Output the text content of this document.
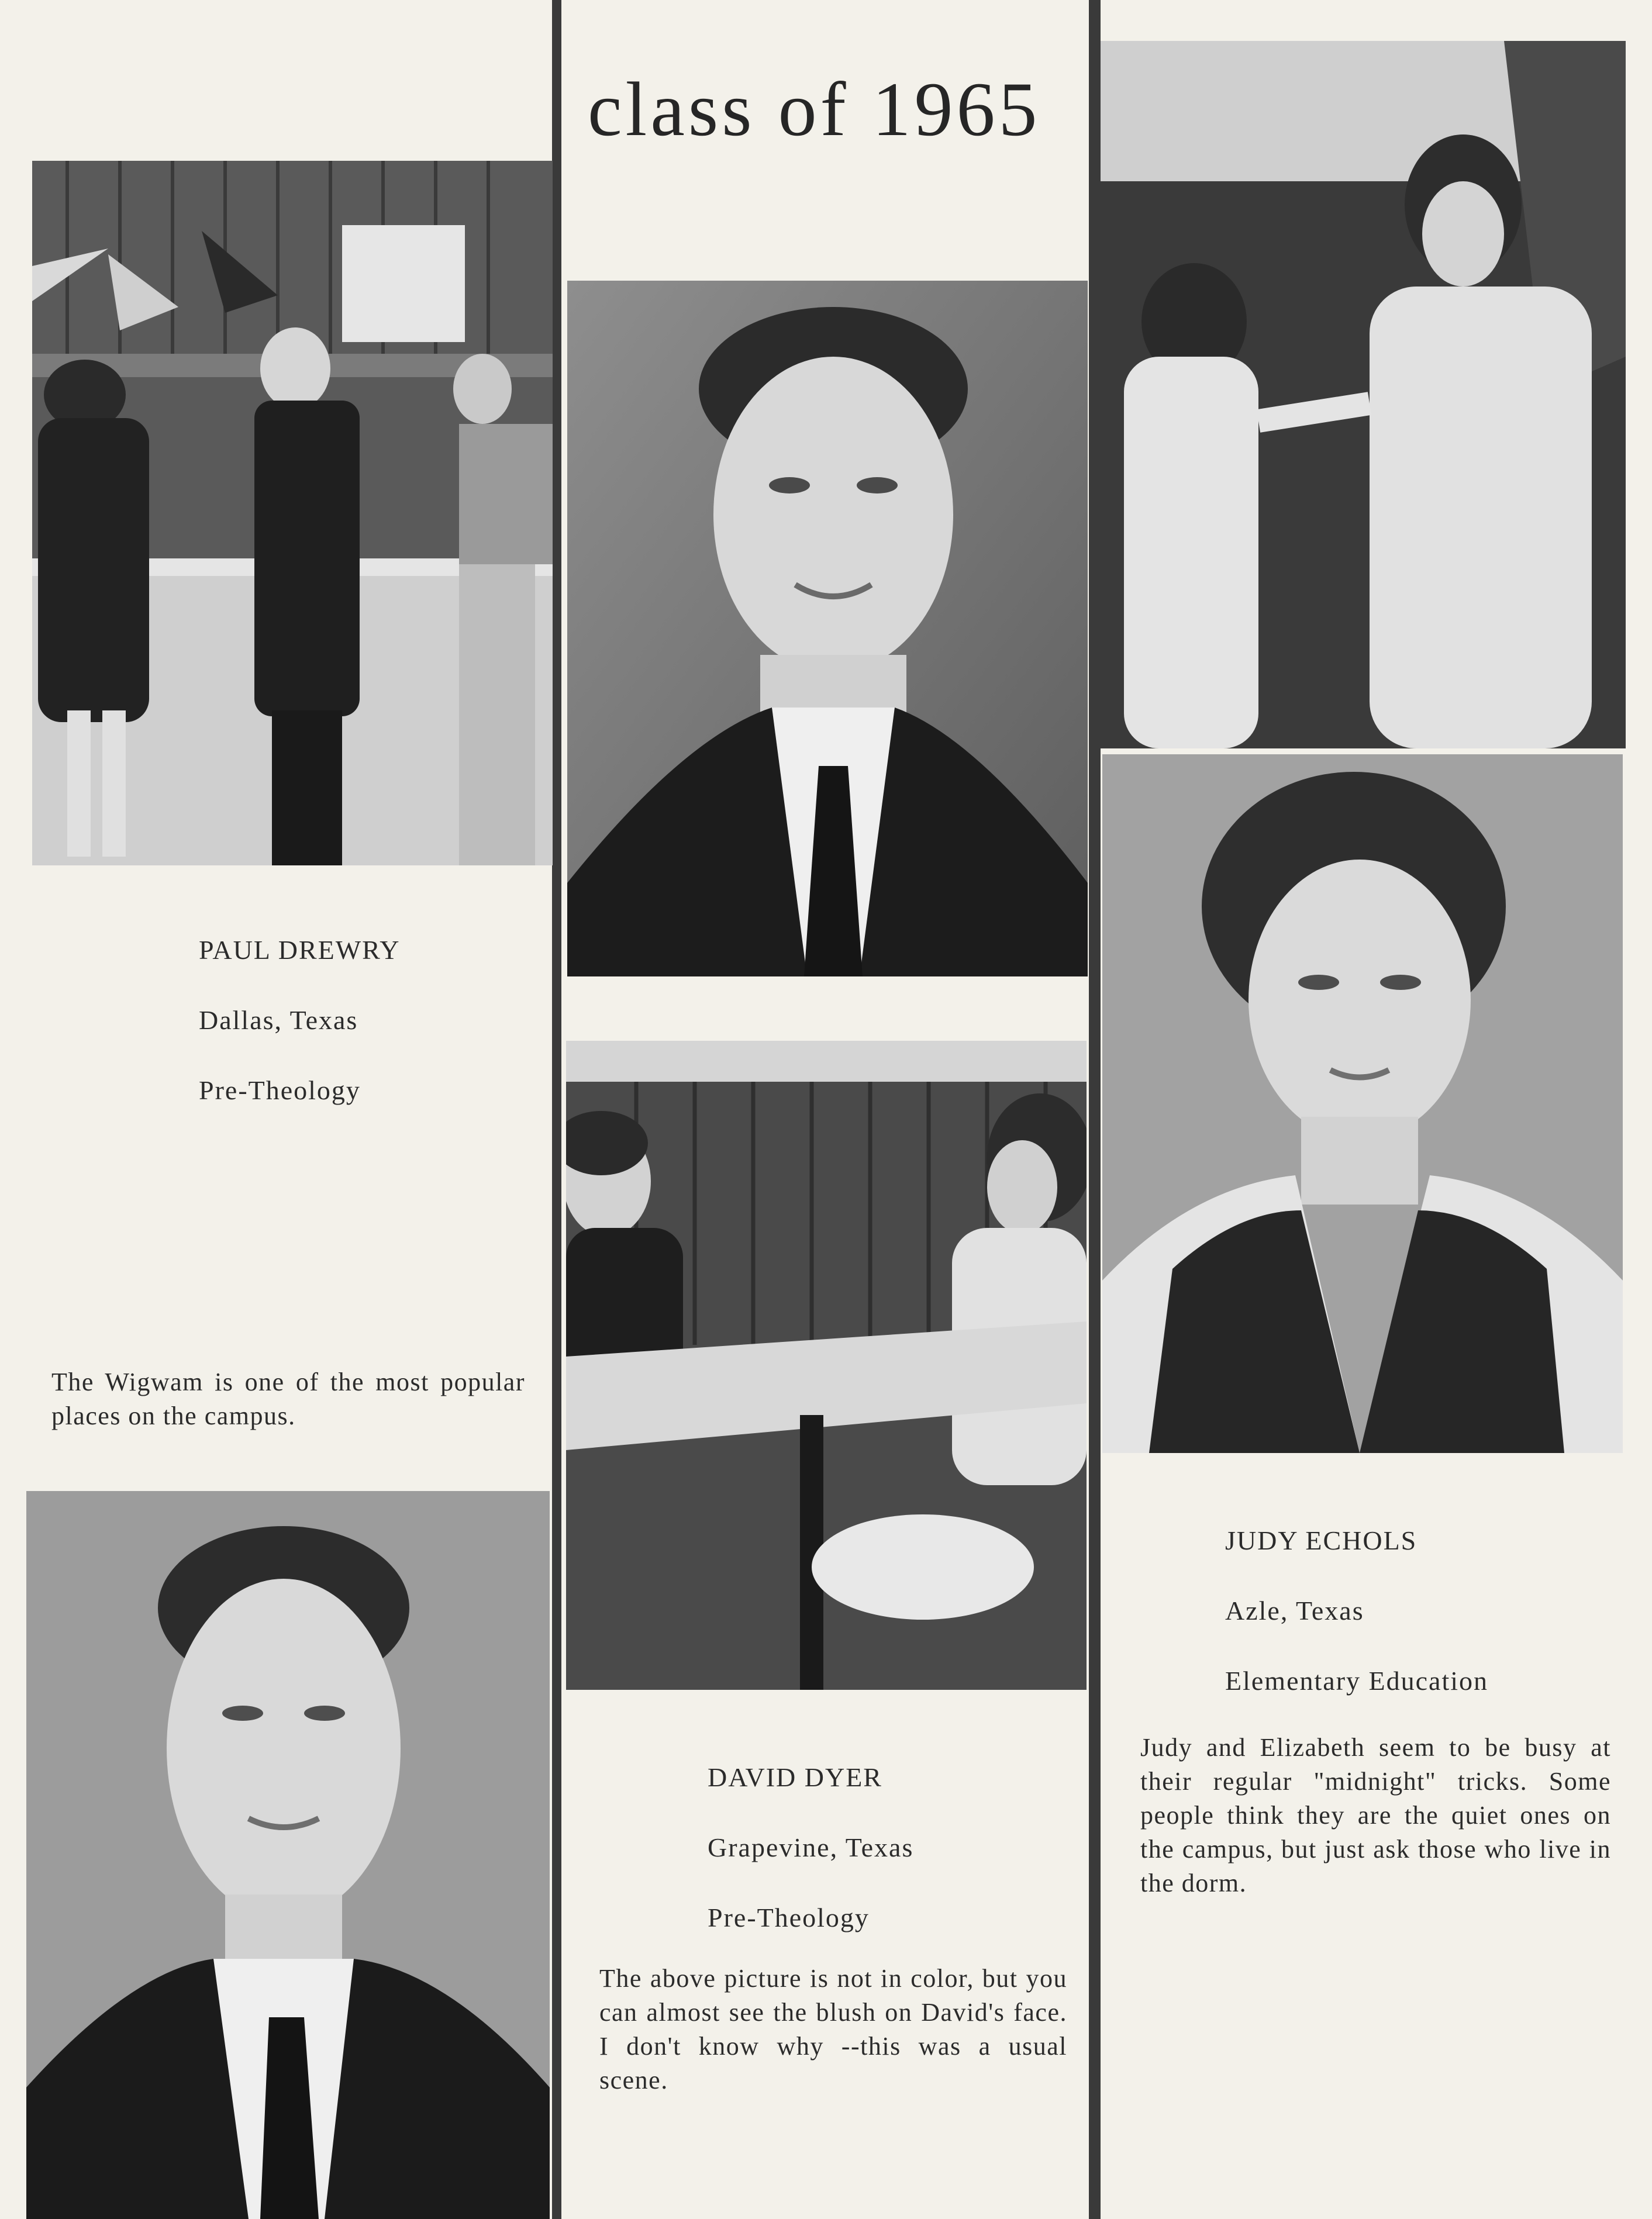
class of 1965

PAUL DREWRY

Dallas, Texas

Pre-Theology

DAVID DYER

Grapevine, Texas

Pre-Theology

JUDY ECHOLS

Azle, Texas

Elementary Education

The Wigwam is one of the most popular places on the campus.
Judy and Elizabeth seem to be busy at their regular "midnight" tricks. Some people think they are the quiet ones on the campus, but just ask those who live in the dorm.
The above picture is not in color, but you can almost see the blush on David's face. I don't know why --this was a usual scene.
